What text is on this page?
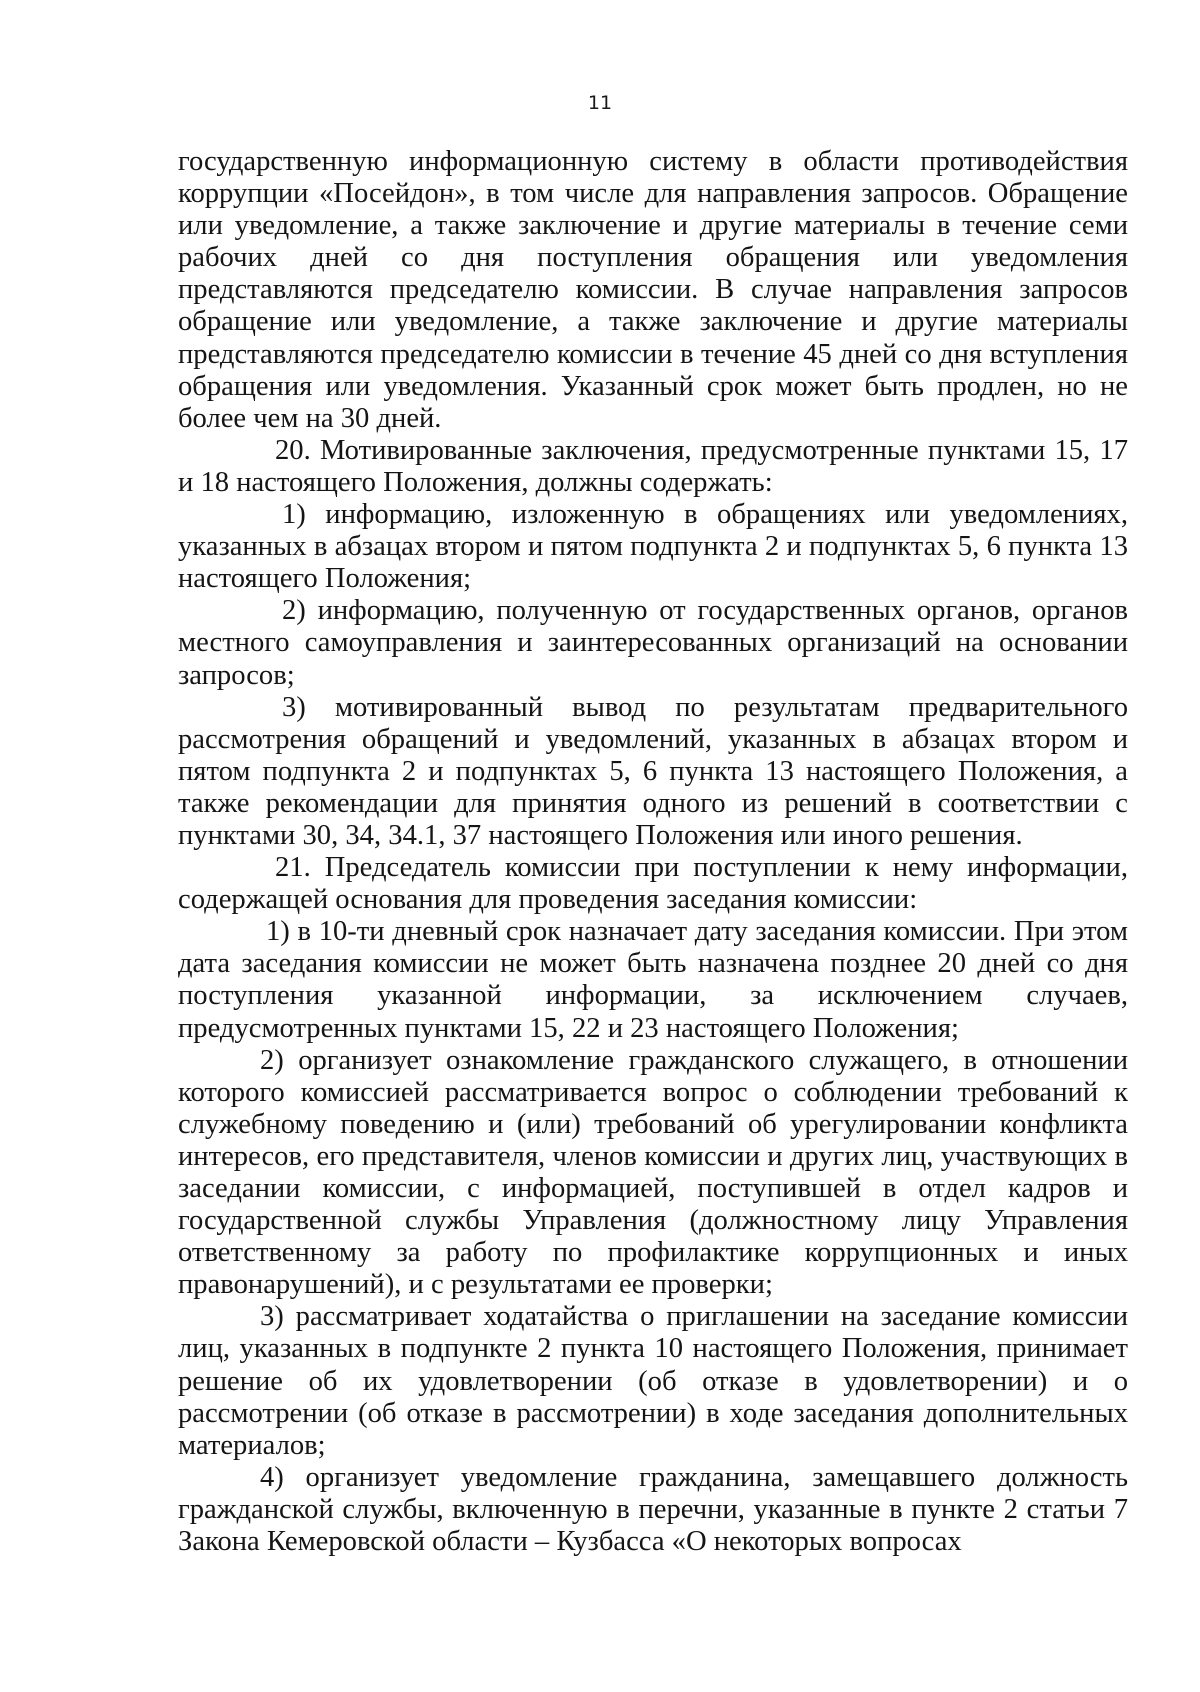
11

государственную информационную систему в области противодействия коррупции «Посейдон», в том числе для направления запросов. Обращение или уведомление, а также заключение и другие материалы в течение семи рабочих дней со дня поступления обращения или уведомления представляются председателю комиссии. В случае направления запросов обращение или уведомление, а также заключение и другие материалы представляются председателю комиссии в течение 45 дней со дня вступления обращения или уведомления. Указанный срок может быть продлен, но не более чем на 30 дней.

20. Мотивированные заключения, предусмотренные пунктами 15, 17 и 18 настоящего Положения, должны содержать:

1) информацию, изложенную в обращениях или уведомлениях, указанных в абзацах втором и пятом подпункта 2 и подпунктах 5, 6 пункта 13 настоящего Положения;

2) информацию, полученную от государственных органов, органов местного самоуправления и заинтересованных организаций на основании запросов;

3) мотивированный вывод по результатам предварительного рассмотрения обращений и уведомлений, указанных в абзацах втором и пятом подпункта 2 и подпунктах 5, 6 пункта 13 настоящего Положения, а также рекомендации для принятия одного из решений в соответствии с пунктами 30, 34, 34.1, 37 настоящего Положения или иного решения.

21. Председатель комиссии при поступлении к нему информации, содержащей основания для проведения заседания комиссии:

1) в 10-ти дневный срок назначает дату заседания комиссии. При этом дата заседания комиссии не может быть назначена позднее 20 дней со дня поступления указанной информации, за исключением случаев, предусмотренных пунктами 15, 22 и 23 настоящего Положения;

2) организует ознакомление гражданского служащего, в отношении которого комиссией рассматривается вопрос о соблюдении требований к служебному поведению и (или) требований об урегулировании конфликта интересов, его представителя, членов комиссии и других лиц, участвующих в заседании комиссии, с информацией, поступившей в отдел кадров и государственной службы Управления (должностному лицу Управления ответственному за работу по профилактике коррупционных и иных правонарушений), и с результатами ее проверки;

3) рассматривает ходатайства о приглашении на заседание комиссии лиц, указанных в подпункте 2 пункта 10 настоящего Положения, принимает решение об их удовлетворении (об отказе в удовлетворении) и о рассмотрении (об отказе в рассмотрении) в ходе заседания дополнительных материалов;

4) организует уведомление гражданина, замещавшего должность гражданской службы, включенную в перечни, указанные в пункте 2 статьи 7 Закона Кемеровской области – Кузбасса «О некоторых вопросах
